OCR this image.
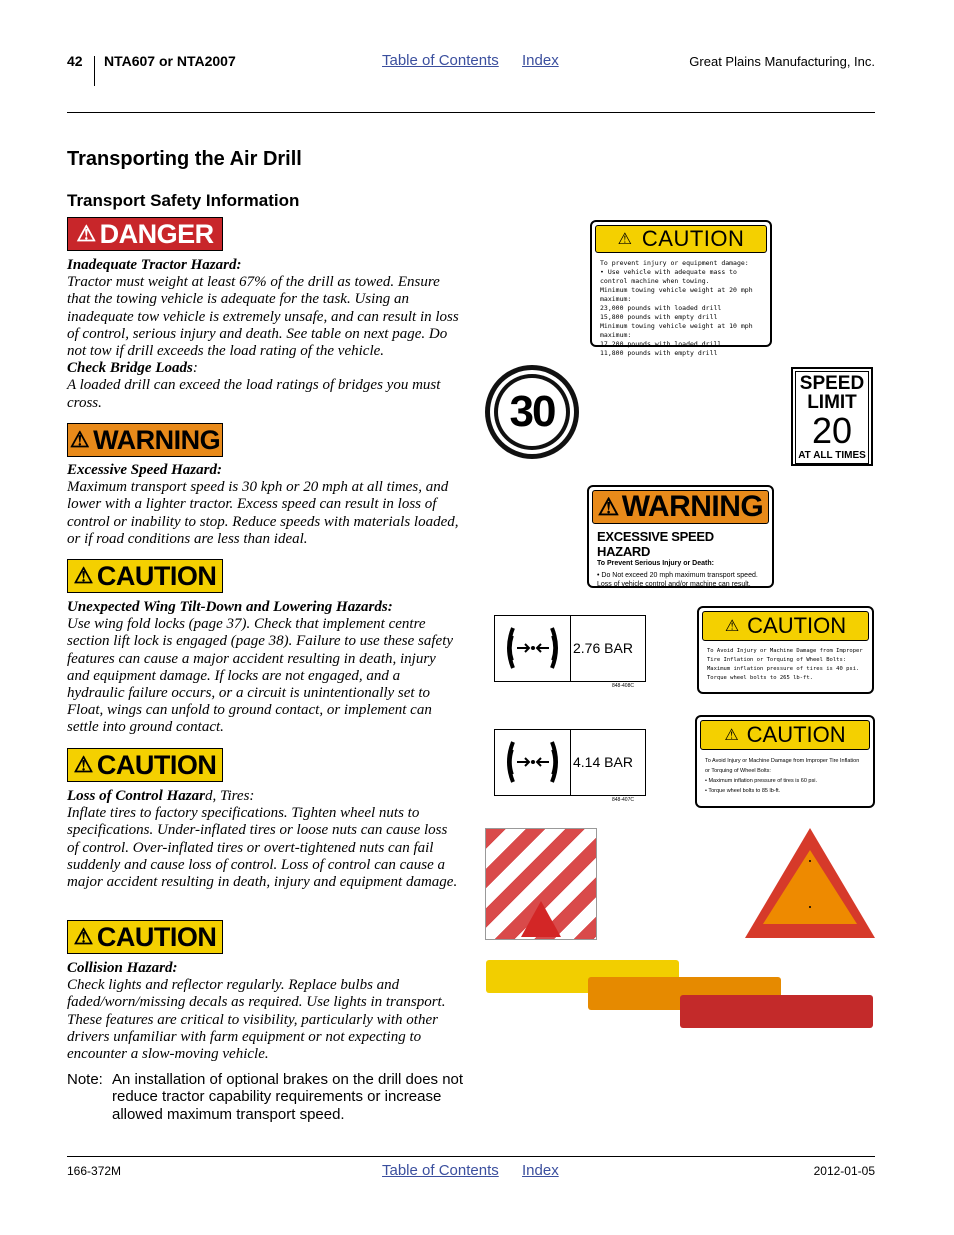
42 NTA607 or NTA2007	Table of Contents Index	Great Plains Manufacturing, Inc.
Transporting the Air Drill
Transport Safety Information
⚠ DANGER
Inadequate Tractor Hazard:
Tractor must weight at least 67% of the drill as towed. Ensure that the towing vehicle is adequate for the task. Using an inadequate tow vehicle is extremely unsafe, and can result in loss of control, serious injury and death. See table on next page. Do not tow if drill exceeds the load rating of the vehicle.
Check Bridge Loads:
A loaded drill can exceed the load ratings of bridges you must cross.
⚠ WARNING
Excessive Speed Hazard:
Maximum transport speed is 30 kph or 20 mph at all times, and lower with a lighter tractor. Excess speed can result in loss of control or inability to stop. Reduce speeds with materials loaded, or if road conditions are less than ideal.
⚠ CAUTION
Unexpected Wing Tilt-Down and Lowering Hazards:
Use wing fold locks (page 37). Check that implement centre section lift lock is engaged (page 38). Failure to use these safety features can cause a major accident resulting in death, injury and equipment damage. If locks are not engaged, and a hydraulic failure occurs, or a circuit is unintentionally set to Float, wings can unfold to ground contact, or implement can settle into ground contact.
⚠ CAUTION
Loss of Control Hazard, Tires:
Inflate tires to factory specifications. Tighten wheel nuts to specifications. Under-inflated tires or loose nuts can cause loss of control. Over-inflated tires or overt-tightened nuts can fail suddenly and cause loss of control. Loss of control can cause a major accident resulting in death, injury and equipment damage.
⚠ CAUTION
Collision Hazard:
Check lights and reflector regularly. Replace bulbs and faded/worn/missing decals as required. Use lights in transport. These features are critical to visibility, particularly with other drivers unfamiliar with farm equipment or not expecting to encounter a slow-moving vehicle.
Note: An installation of optional brakes on the drill does not reduce tractor capability requirements or increase allowed maximum transport speed.
⚠ CAUTION
To prevent injury or equipment damage:
• Use vehicle with adequate mass to control machine when towing.
Minimum towing vehicle weight at 20 mph maximum:
23,000 pounds with loaded drill
15,800 pounds with empty drill
Minimum towing vehicle weight at 10 mph maximum:
17,200 pounds with loaded drill
11,800 pounds with empty drill
30
SPEED
LIMIT
20
AT ALL TIMES
⚠ WARNING
EXCESSIVE SPEED HAZARD
To Prevent Serious Injury or Death:
• Do Not exceed 20 mph maximum transport speed. Loss of vehicle control and/or machine can result.
2.76 BAR
848-408C
4.14 BAR
848-407C
⚠ CAUTION
To Avoid Injury or Machine Damage from Improper Tire Inflation or Torquing of Wheel Bolts:
Maximum inflation pressure of tires is 40 psi.
Torque wheel bolts to 265 lb-ft.
⚠ CAUTION
To Avoid Injury or Machine Damage from Improper Tire Inflation or Torquing of Wheel Bolts:
• Maximum inflation pressure of tires is 60 psi.
• Torque wheel bolts to 85 lb-ft.
166-372M	Table of Contents Index	2012-01-05
